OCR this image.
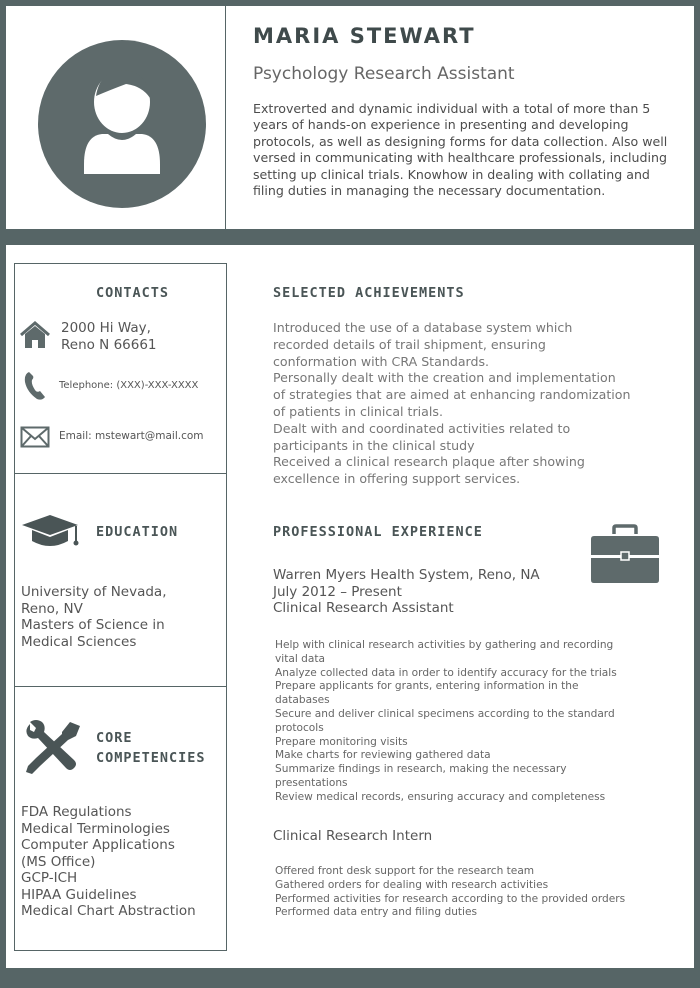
MARIA STEWART
Psychology Research Assistant
Extroverted and dynamic individual with a total of more than 5 years of hands-on experience in presenting and developing protocols, as well as designing forms for data collection. Also well versed in communicating with healthcare professionals, including setting up clinical trials. Knowhow in dealing with collating and filing duties in managing the necessary documentation.
CONTACTS
2000 Hi Way,
Reno N 66661
Telephone: (XXX)-XXX-XXXX
Email: mstewart@mail.com
EDUCATION
University of Nevada,
Reno, NV
Masters of Science in
Medical Sciences
CORE
COMPETENCIES
FDA Regulations
Medical Terminologies
Computer Applications
(MS Office)
GCP-ICH
HIPAA Guidelines
Medical Chart Abstraction
SELECTED ACHIEVEMENTS
Introduced the use of a database system which
recorded details of trail shipment, ensuring
conformation with CRA Standards.
Personally dealt with the creation and implementation
of strategies that are aimed at enhancing randomization
of patients in clinical trials.
Dealt with and coordinated activities related to
participants in the clinical study
Received a clinical research plaque after showing
excellence in offering support services.
PROFESSIONAL EXPERIENCE
Warren Myers Health System, Reno, NA
July 2012 – Present
Clinical Research Assistant
Help with clinical research activities by gathering and recording
vital data
Analyze collected data in order to identify accuracy for the trials
Prepare applicants for grants, entering information in the
databases
Secure and deliver clinical specimens according to the standard
protocols
Prepare monitoring visits
Make charts for reviewing gathered data
Summarize findings in research, making the necessary
presentations
Review medical records, ensuring accuracy and completeness
Clinical Research Intern
Offered front desk support for the research team
Gathered orders for dealing with research activities
Performed activities for research according to the provided orders
Performed data entry and filing duties
